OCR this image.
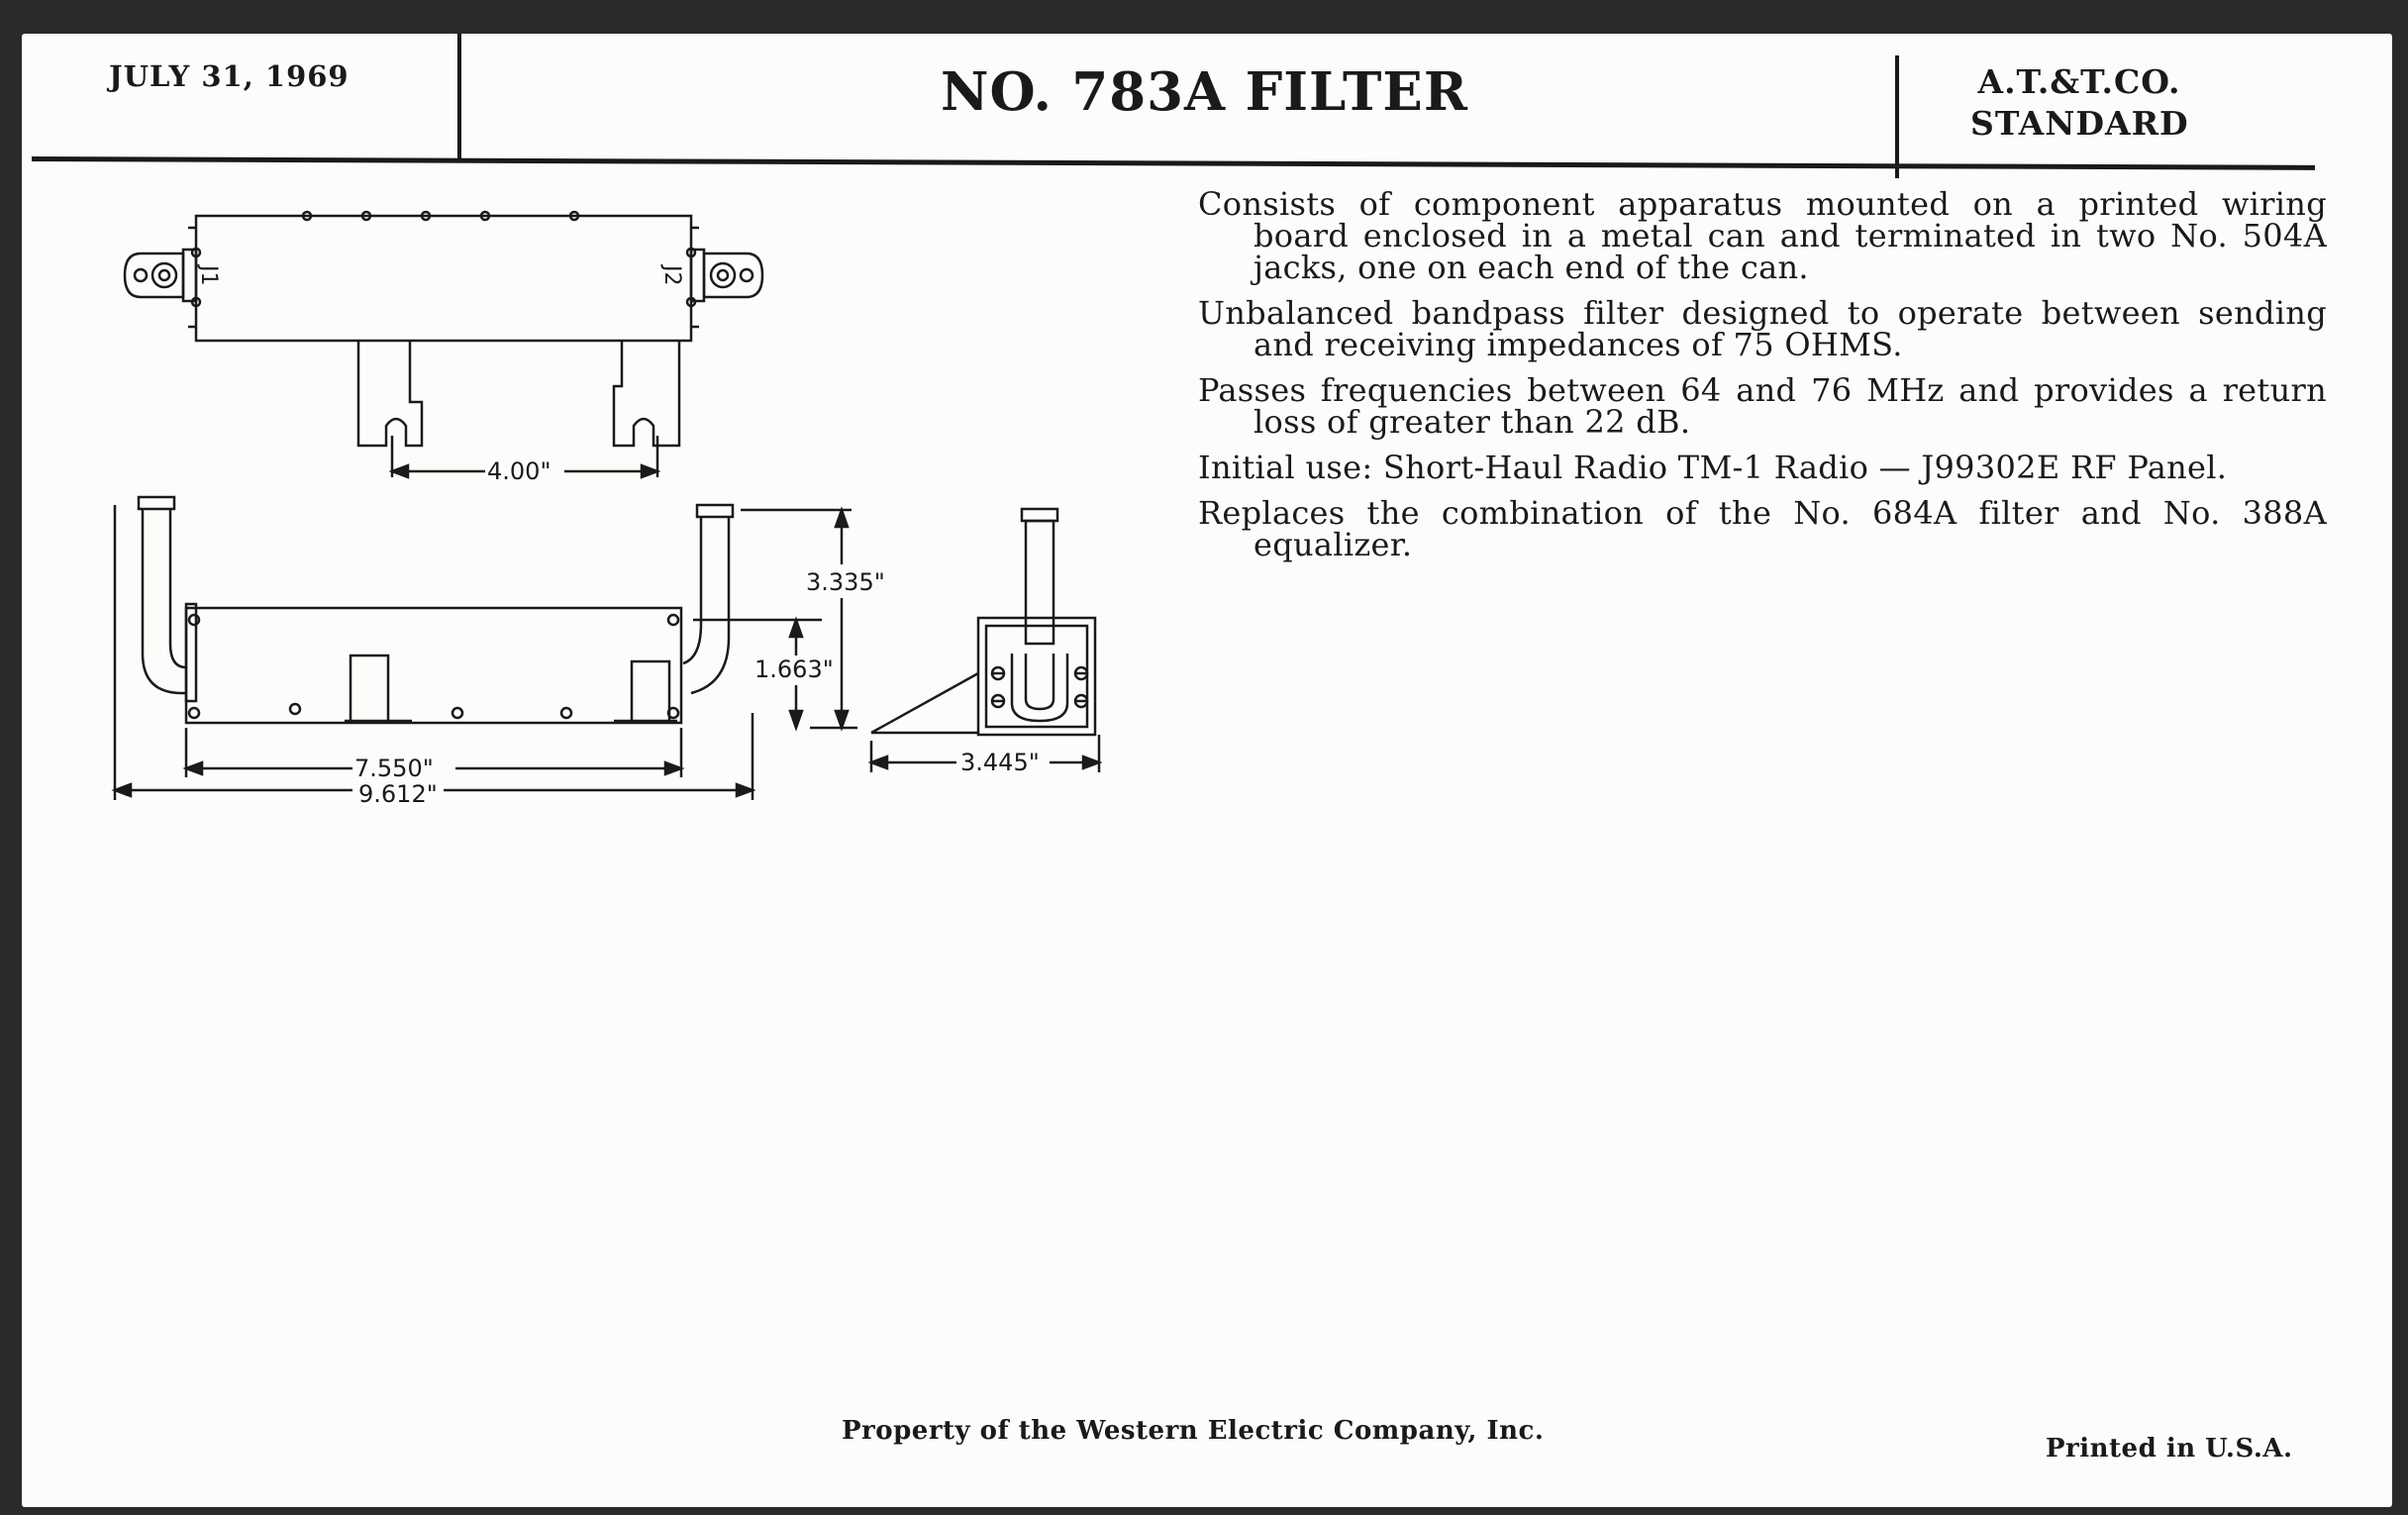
JULY 31, 1969	NO. 783A FILTER	A.T.&T.CO.
STANDARD
J1	J2
4.00"
3.335"
1.663"
7.550"
9.612"
3.445"

Consists of component apparatus mounted on a printed wiring board enclosed in a metal can and terminated in two No. 504A jacks, one on each end of the can.

Unbalanced bandpass filter designed to operate between sending and receiving impedances of 75 OHMS.

Passes frequencies between 64 and 76 MHz and provides a return loss of greater than 22 dB.

Initial use: Short-Haul Radio TM-1 Radio — J99302E RF Panel.

Replaces the combination of the No. 684A filter and No. 388A equalizer.

Property of the Western Electric Company, Inc.
Printed in U.S.A.
